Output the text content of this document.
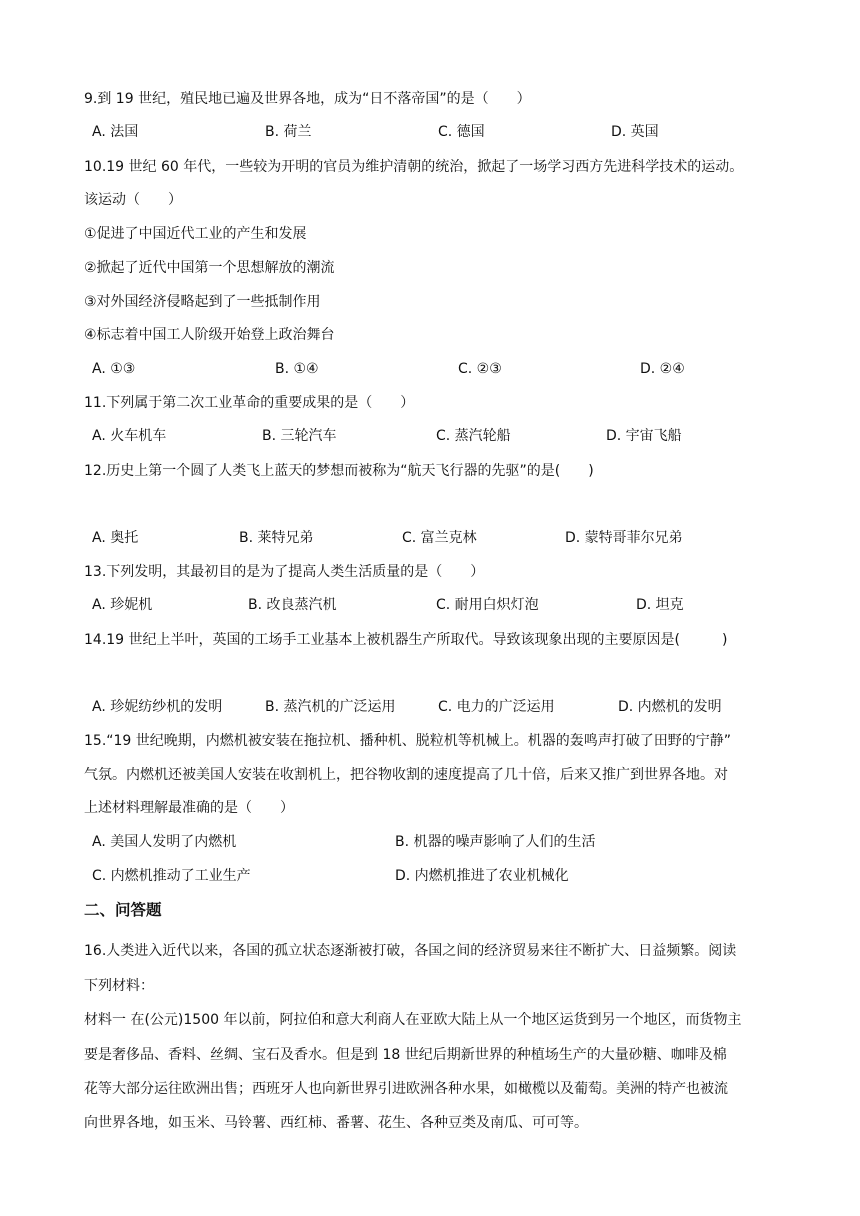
9.到 19 世纪，殖民地已遍及世界各地，成为“日不落帝国”的是（　　）
A. 法国	B. 荷兰	C. 德国	D. 英国
10.19 世纪 60 年代，一些较为开明的官员为维护清朝的统治，掀起了一场学习西方先进科学技术的运动。
该运动（　　）
①促进了中国近代工业的产生和发展
②掀起了近代中国第一个思想解放的潮流
③对外国经济侵略起到了一些抵制作用
④标志着中国工人阶级开始登上政治舞台
A. ①③	B. ①④	C. ②③	D. ②④
11.下列属于第二次工业革命的重要成果的是（　　）
A. 火车机车	B. 三轮汽车	C. 蒸汽轮船	D. 宇宙飞船
12.历史上第一个圆了人类飞上蓝天的梦想而被称为“航天飞行器的先驱”的是(　　)
A. 奥托	B. 莱特兄弟	C. 富兰克林	D. 蒙特哥菲尔兄弟
13.下列发明，其最初目的是为了提高人类生活质量的是（　　）
A. 珍妮机	B. 改良蒸汽机	C. 耐用白炽灯泡	D. 坦克
14.19 世纪上半叶，英国的工场手工业基本上被机器生产所取代。导致该现象出现的主要原因是(　　　)
A. 珍妮纺纱机的发明	B. 蒸汽机的广泛运用	C. 电力的广泛运用	D. 内燃机的发明
15.“19 世纪晚期，内燃机被安装在拖拉机、播种机、脱粒机等机械上。机器的轰鸣声打破了田野的宁静”
气氛。内燃机还被美国人安装在收割机上，把谷物收割的速度提高了几十倍，后来又推广到世界各地。对
上述材料理解最准确的是（　　）
A. 美国人发明了内燃机	B. 机器的噪声影响了人们的生活
C. 内燃机推动了工业生产	D. 内燃机推进了农业机械化
二、问答题
16.人类进入近代以来，各国的孤立状态逐渐被打破，各国之间的经济贸易来往不断扩大、日益频繁。阅读
下列材料：
材料一 在(公元)1500 年以前，阿拉伯和意大利商人在亚欧大陆上从一个地区运货到另一个地区，而货物主
要是奢侈品、香料、丝绸、宝石及香水。但是到 18 世纪后期新世界的种植场生产的大量砂糖、咖啡及棉
花等大部分运往欧洲出售；西班牙人也向新世界引进欧洲各种水果，如橄榄以及葡萄。美洲的特产也被流
向世界各地，如玉米、马铃薯、西红柿、番薯、花生、各种豆类及南瓜、可可等。
